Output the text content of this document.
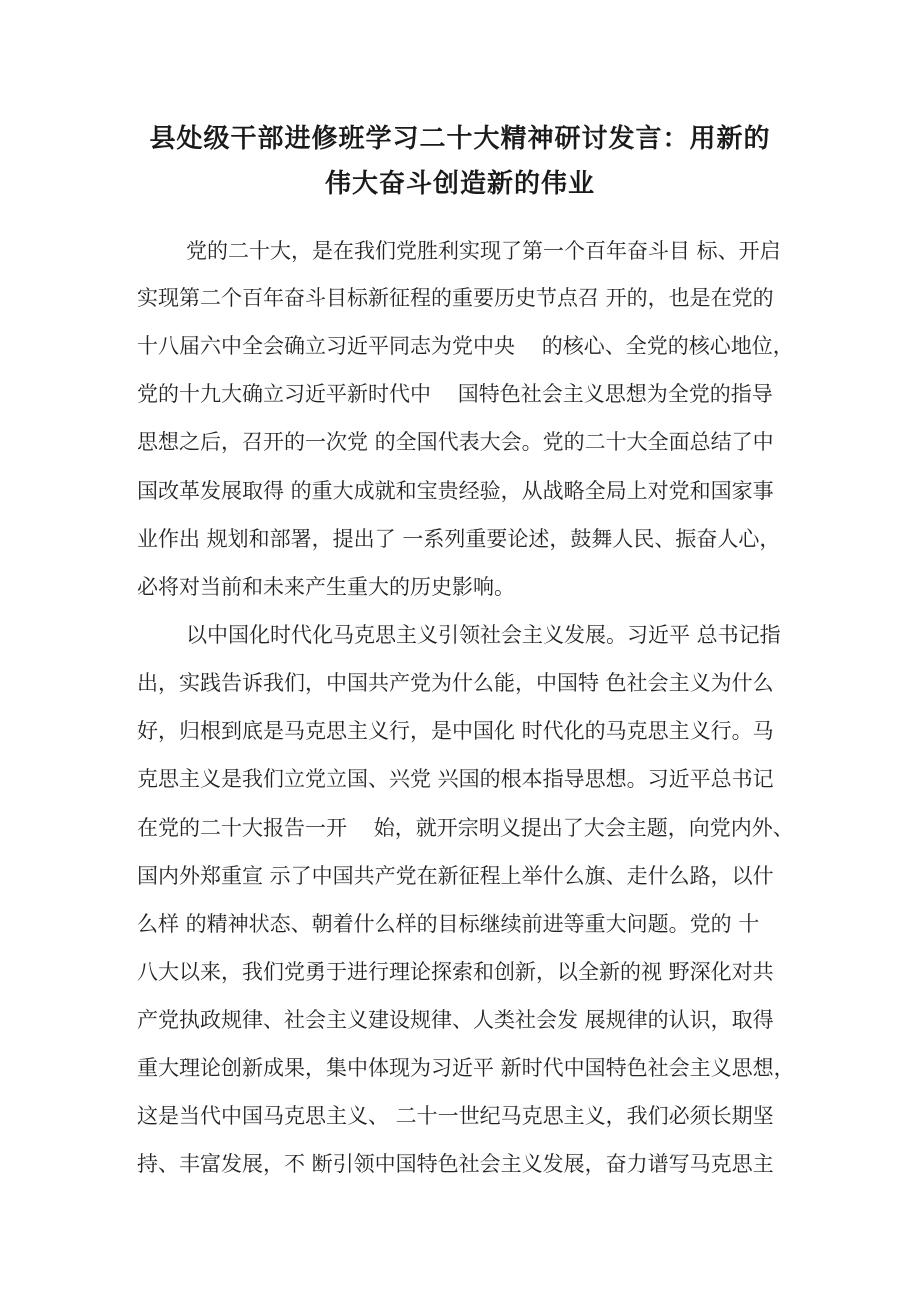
县处级干部进修班学习二十大精神研讨发言：用新的
伟大奋斗创造新的伟业
党的二十大，是在我们党胜利实现了第一个百年奋斗目 标、开启
实现第二个百年奋斗目标新征程的重要历史节点召 开的，也是在党的
十八届六中全会确立习近平同志为党中央    的核心、全党的核心地位，
党的十九大确立习近平新时代中    国特色社会主义思想为全党的指导
思想之后，召开的一次党 的全国代表大会。党的二十大全面总结了中
国改革发展取得 的重大成就和宝贵经验，从战略全局上对党和国家事
业作出 规划和部署，提出了 一系列重要论述，鼓舞人民、振奋人心，
必将对当前和未来产生重大的历史影响。
以中国化时代化马克思主义引领社会主义发展。习近平 总书记指
出，实践告诉我们，中国共产党为什么能，中国特 色社会主义为什么
好，归根到底是马克思主义行，是中国化 时代化的马克思主义行。马
克思主义是我们立党立国、兴党 兴国的根本指导思想。习近平总书记
在党的二十大报告一开    始，就开宗明义提出了大会主题，向党内外、
国内外郑重宣 示了中国共产党在新征程上举什么旗、走什么路，以什
么样 的精神状态、朝着什么样的目标继续前进等重大问题。党的 十
八大以来，我们党勇于进行理论探索和创新，以全新的视 野深化对共
产党执政规律、社会主义建设规律、人类社会发 展规律的认识，取得
重大理论创新成果，集中体现为习近平 新时代中国特色社会主义思想，
这是当代中国马克思主义、 二十一世纪马克思主义，我们必须长期坚
持、丰富发展，不 断引领中国特色社会主义发展，奋力谱写马克思主
